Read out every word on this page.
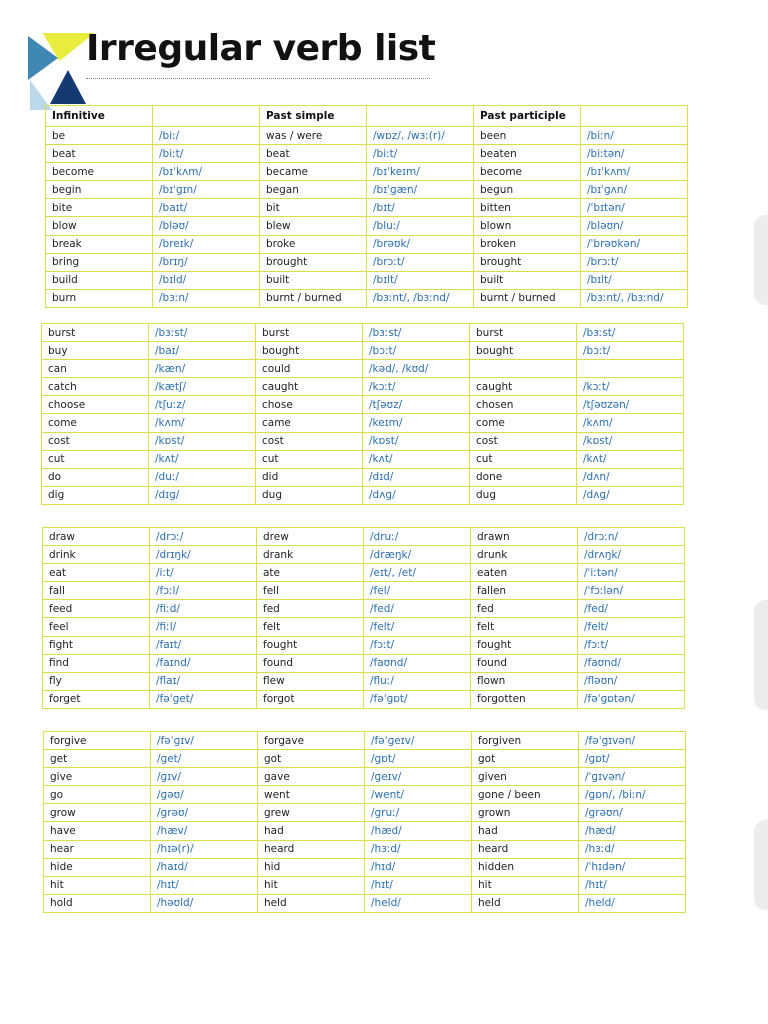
Irregular verb list
Infinitive		Past simple		Past participle	
be	/biː/	was / were	/wɒz/, /wɜː(r)/	been	/biːn/
beat	/biːt/	beat	/biːt/	beaten	/biːtən/
become	/bɪˈkʌm/	became	/bɪˈkeɪm/	become	/bɪˈkʌm/
begin	/bɪˈɡɪn/	began	/bɪˈɡæn/	begun	/bɪˈɡʌn/
bite	/baɪt/	bit	/bɪt/	bitten	/ˈbɪtən/
blow	/bləʊ/	blew	/bluː/	blown	/bləʊn/
break	/breɪk/	broke	/brəʊk/	broken	/ˈbrəʊkən/
bring	/brɪŋ/	brought	/brɔːt/	brought	/brɔːt/
build	/bɪld/	built	/bɪlt/	built	/bɪlt/
burn	/bɜːn/	burnt / burned	/bɜːnt/, /bɜːnd/	burnt / burned	/bɜːnt/, /bɜːnd/
burst	/bɜːst/	burst	/bɜːst/	burst	/bɜːst/
buy	/baɪ/	bought	/bɔːt/	bought	/bɔːt/
can	/kæn/	could	/kəd/, /kʊd/		
catch	/kætʃ/	caught	/kɔːt/	caught	/kɔːt/
choose	/tʃuːz/	chose	/tʃəʊz/	chosen	/tʃəʊzən/
come	/kʌm/	came	/keɪm/	come	/kʌm/
cost	/kɒst/	cost	/kɒst/	cost	/kɒst/
cut	/kʌt/	cut	/kʌt/	cut	/kʌt/
do	/duː/	did	/dɪd/	done	/dʌn/
dig	/dɪɡ/	dug	/dʌɡ/	dug	/dʌɡ/
draw	/drɔː/	drew	/druː/	drawn	/drɔːn/
drink	/drɪŋk/	drank	/dræŋk/	drunk	/drʌŋk/
eat	/iːt/	ate	/eɪt/, /et/	eaten	/ˈiːtən/
fall	/fɔːl/	fell	/fel/	fallen	/ˈfɔːlən/
feed	/fiːd/	fed	/fed/	fed	/fed/
feel	/fiːl/	felt	/felt/	felt	/felt/
fight	/faɪt/	fought	/fɔːt/	fought	/fɔːt/
find	/faɪnd/	found	/faʊnd/	found	/faʊnd/
fly	/flaɪ/	flew	/fluː/	flown	/fləʊn/
forget	/fəˈɡet/	forgot	/fəˈɡɒt/	forgotten	/fəˈɡɒtən/
forgive	/fəˈɡɪv/	forgave	/fəˈɡeɪv/	forgiven	/fəˈɡɪvən/
get	/ɡet/	got	/ɡɒt/	got	/ɡɒt/
give	/ɡɪv/	gave	/ɡeɪv/	given	/ˈɡɪvən/
go	/ɡəʊ/	went	/went/	gone / been	/ɡɒn/, /biːn/
grow	/ɡrəʊ/	grew	/ɡruː/	grown	/ɡrəʊn/
have	/hæv/	had	/hæd/	had	/hæd/
hear	/hɪə(r)/	heard	/hɜːd/	heard	/hɜːd/
hide	/haɪd/	hid	/hɪd/	hidden	/ˈhɪdən/
hit	/hɪt/	hit	/hɪt/	hit	/hɪt/
hold	/həʊld/	held	/held/	held	/held/
